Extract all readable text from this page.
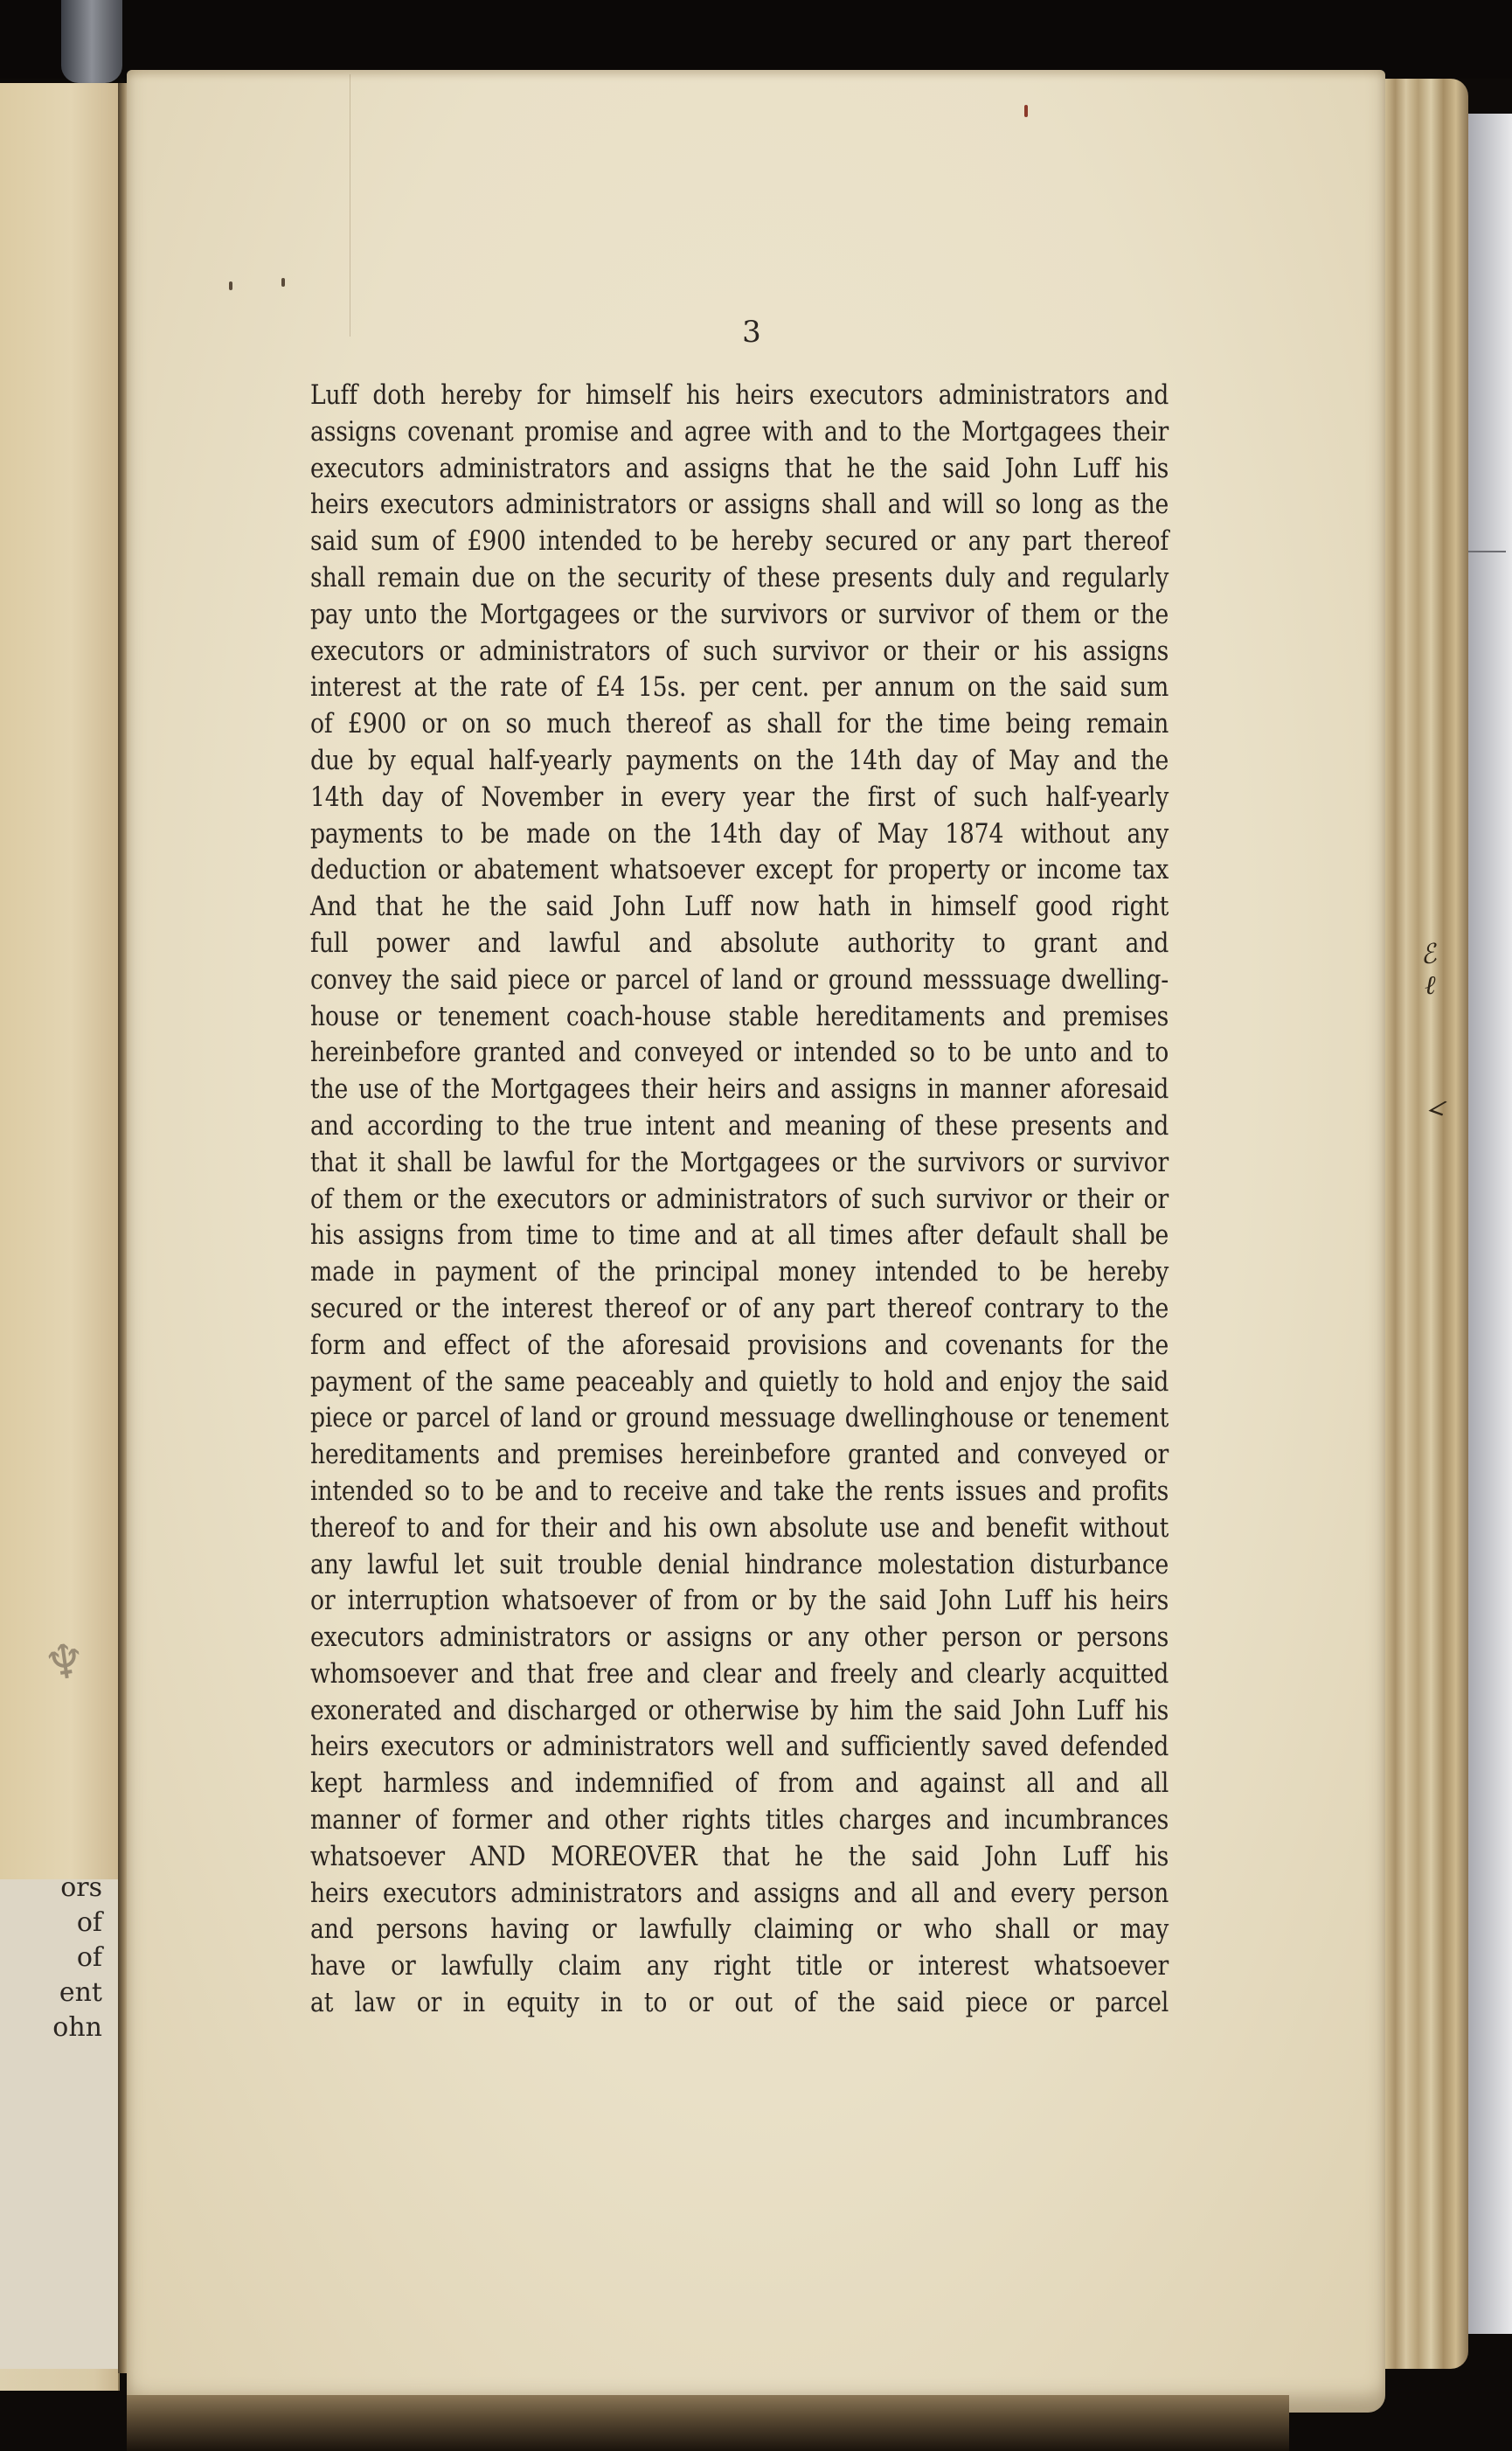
♆
ors
of
of
ent
ohn
ℰ
ℓ
∠
3
Luff doth hereby for himself his heirs executors administrators and
assigns covenant promise and agree with and to the Mortgagees their
executors administrators and assigns that he the said John Luff his
heirs executors administrators or assigns shall and will so long as the
said sum of £900 intended to be hereby secured or any part thereof
shall remain due on the security of these presents duly and regularly
pay unto the Mortgagees or the survivors or survivor of them or the
executors or administrators of such survivor or their or his assigns
interest at the rate of £4 15s. per cent. per annum on the said sum
of £900 or on so much thereof as shall for the time being remain
due by equal half-yearly payments on the 14th day of May and the
14th day of November in every year the first of such half-yearly
payments to be made on the 14th day of May 1874 without any
deduction or abatement whatsoever except for property or income tax
And that he the said John Luff now hath in himself good right
full power and lawful and absolute authority to grant and
convey the said piece or parcel of land or ground messsuage dwelling-
house or tenement coach-house stable hereditaments and premises
hereinbefore granted and conveyed or intended so to be unto and to
the use of the Mortgagees their heirs and assigns in manner aforesaid
and according to the true intent and meaning of these presents and
that it shall be lawful for the Mortgagees or the survivors or survivor
of them or the executors or administrators of such survivor or their or
his assigns from time to time and at all times after default shall be
made in payment of the principal money intended to be hereby
secured or the interest thereof or of any part thereof contrary to the
form and effect of the aforesaid provisions and covenants for the
payment of the same peaceably and quietly to hold and enjoy the said
piece or parcel of land or ground messuage dwellinghouse or tenement
hereditaments and premises hereinbefore granted and conveyed or
intended so to be and to receive and take the rents issues and profits
thereof to and for their and his own absolute use and benefit without
any lawful let suit trouble denial hindrance molestation disturbance
or interruption whatsoever of from or by the said John Luff his heirs
executors administrators or assigns or any other person or persons
whomsoever and that free and clear and freely and clearly acquitted
exonerated and discharged or otherwise by him the said John Luff his
heirs executors or administrators well and sufficiently saved defended
kept harmless and indemnified of from and against all and all
manner of former and other rights titles charges and incumbrances
whatsoever AND MOREOVER that he the said John Luff his
heirs executors administrators and assigns and all and every person
and persons having or lawfully claiming or who shall or may
have or lawfully claim any right title or interest whatsoever
at law or in equity in to or out of the said piece or parcel
